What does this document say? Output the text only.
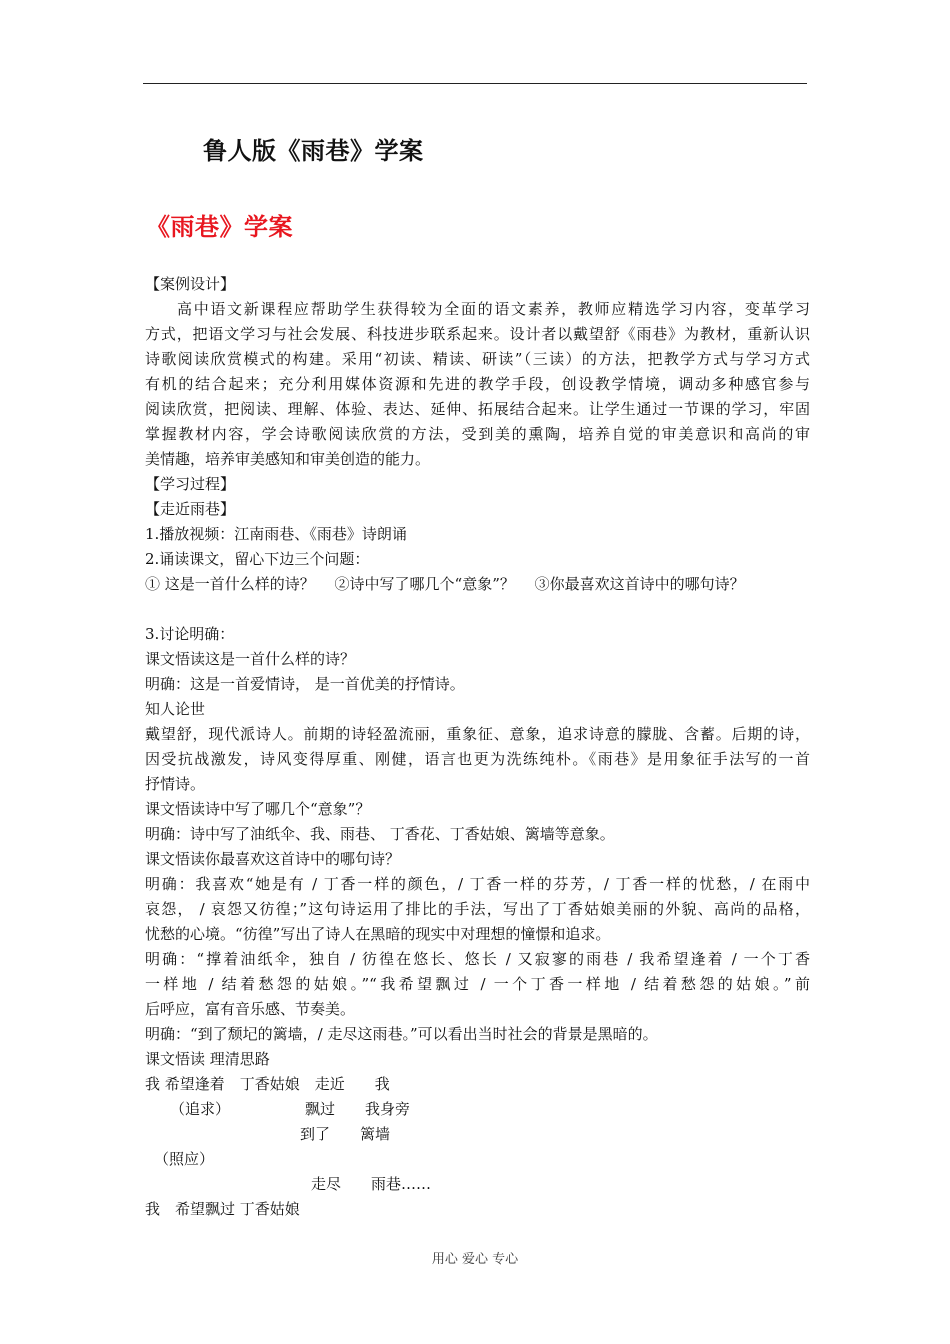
鲁人版《雨巷》学案
《雨巷》学案
【案例设计】
高中语文新课程应帮助学生获得较为全面的语文素养，教师应精选学习内容，变革学习
方式，把语文学习与社会发展、科技进步联系起来。设计者以戴望舒《雨巷》为教材，重新认识
诗歌阅读欣赏模式的构建。采用“初读、精读、研读”（三读）的方法，把教学方式与学习方式
有机的结合起来；充分利用媒体资源和先进的教学手段，创设教学情境，调动多种感官参与
阅读欣赏，把阅读、理解、体验、表达、延伸、拓展结合起来。让学生通过一节课的学习，牢固
掌握教材内容，学会诗歌阅读欣赏的方法，受到美的熏陶，培养自觉的审美意识和高尚的审
美情趣，培养审美感知和审美创造的能力。
【学习过程】
【走近雨巷】
1.播放视频：江南雨巷、《雨巷》诗朗诵
2.诵读课文，留心下边三个问题：
① 这是一首什么样的诗？　 ②诗中写了哪几个“意象”？　 ③你最喜欢这首诗中的哪句诗？
3.讨论明确：
课文悟读这是一首什么样的诗？
明确：这是一首爱情诗， 是一首优美的抒情诗。
知人论世
戴望舒，现代派诗人。前期的诗轻盈流丽，重象征、意象，追求诗意的朦胧、含蓄。后期的诗，
因受抗战激发，诗风变得厚重、刚健，语言也更为洗练纯朴。《雨巷》是用象征手法写的一首
抒情诗。
课文悟读诗中写了哪几个“意象”？
明确：诗中写了油纸伞、我、雨巷、 丁香花、丁香姑娘、篱墙等意象。
课文悟读你最喜欢这首诗中的哪句诗？
明确：我喜欢“她是有 / 丁香一样的颜色，/ 丁香一样的芬芳，/ 丁香一样的忧愁，/ 在雨中
哀怨， / 哀怨又彷徨；”这句诗运用了排比的手法，写出了丁香姑娘美丽的外貌、高尚的品格，
忧愁的心境。“彷徨”写出了诗人在黑暗的现实中对理想的憧憬和追求。
明确：“撑着油纸伞，独自 / 彷徨在悠长、悠长 / 又寂寥的雨巷 / 我希望逢着 / 一个丁香
一样地 / 结着愁怨的姑娘。”“我希望飘过 / 一个丁香一样地 / 结着愁怨的姑娘。”前
后呼应，富有音乐感、节奏美。
明确：“到了颓圮的篱墙，/ 走尽这雨巷。”可以看出当时社会的背景是黑暗的。
课文悟读 理清思路
我 希望逢着　丁香姑娘　走近　　我
（追求）	飘过　　我身旁
到了　　篱墙
（照应）
走尽　　雨巷……
我　希望飘过 丁香姑娘
用心 爱心 专心
